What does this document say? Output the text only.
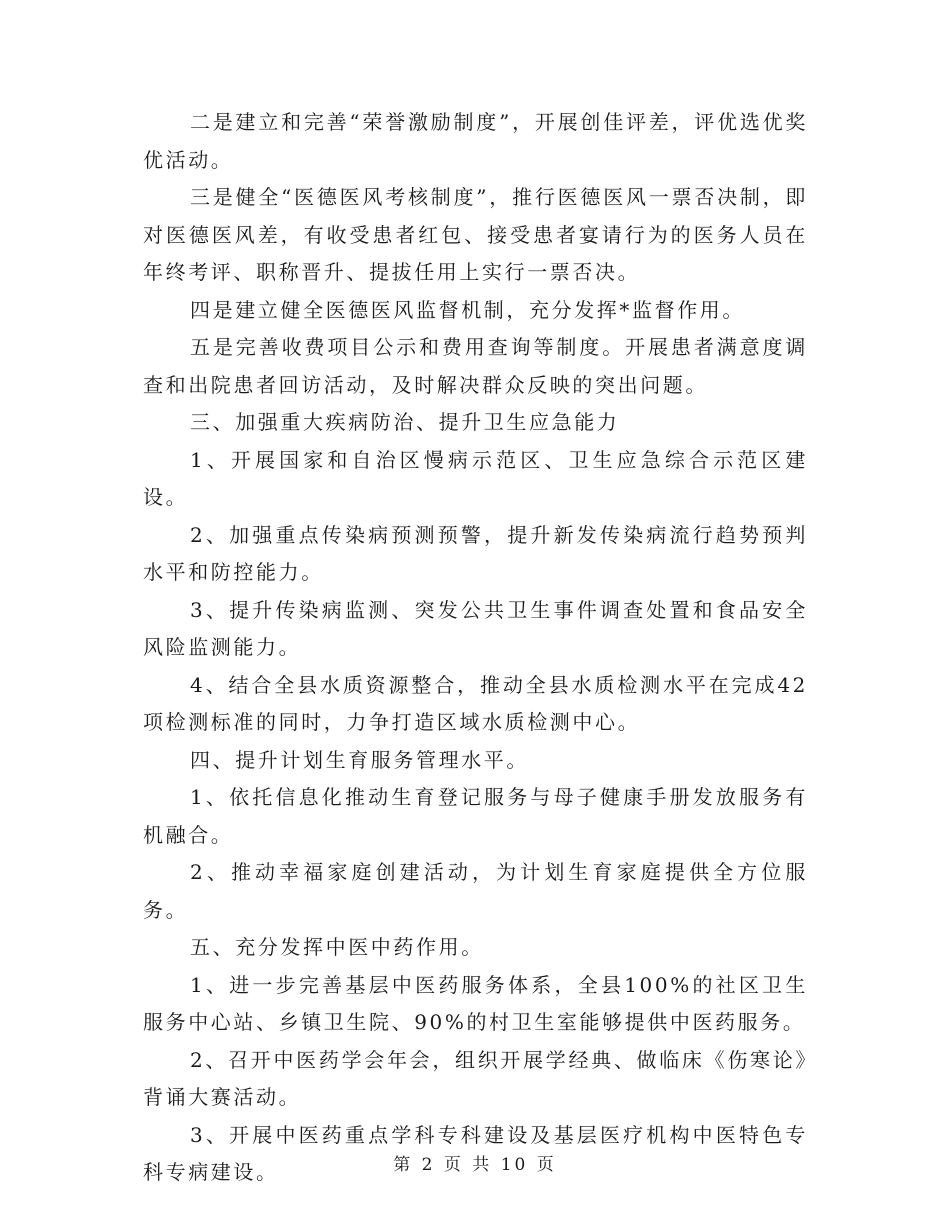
二是建立和完善“荣誉激励制度”，开展创佳评差，评优选优奖优活动。

三是健全“医德医风考核制度”，推行医德医风一票否决制，即对医德医风差，有收受患者红包、接受患者宴请行为的医务人员在年终考评、职称晋升、提拔任用上实行一票否决。

四是建立健全医德医风监督机制，充分发挥*监督作用。

五是完善收费项目公示和费用查询等制度。开展患者满意度调查和出院患者回访活动，及时解决群众反映的突出问题。

三、加强重大疾病防治、提升卫生应急能力

1、开展国家和自治区慢病示范区、卫生应急综合示范区建设。

2、加强重点传染病预测预警，提升新发传染病流行趋势预判水平和防控能力。

3、提升传染病监测、突发公共卫生事件调查处置和食品安全风险监测能力。

4、结合全县水质资源整合，推动全县水质检测水平在完成42项检测标准的同时，力争打造区域水质检测中心。

四、提升计划生育服务管理水平。

1、依托信息化推动生育登记服务与母子健康手册发放服务有机融合。

2、推动幸福家庭创建活动，为计划生育家庭提供全方位服务。

五、充分发挥中医中药作用。

1、进一步完善基层中医药服务体系，全县100%的社区卫生服务中心站、乡镇卫生院、90%的村卫生室能够提供中医药服务。

2、召开中医药学会年会，组织开展学经典、做临床《伤寒论》背诵大赛活动。

3、开展中医药重点学科专科建设及基层医疗机构中医特色专科专病建设。	第 2 页 共 10 页
